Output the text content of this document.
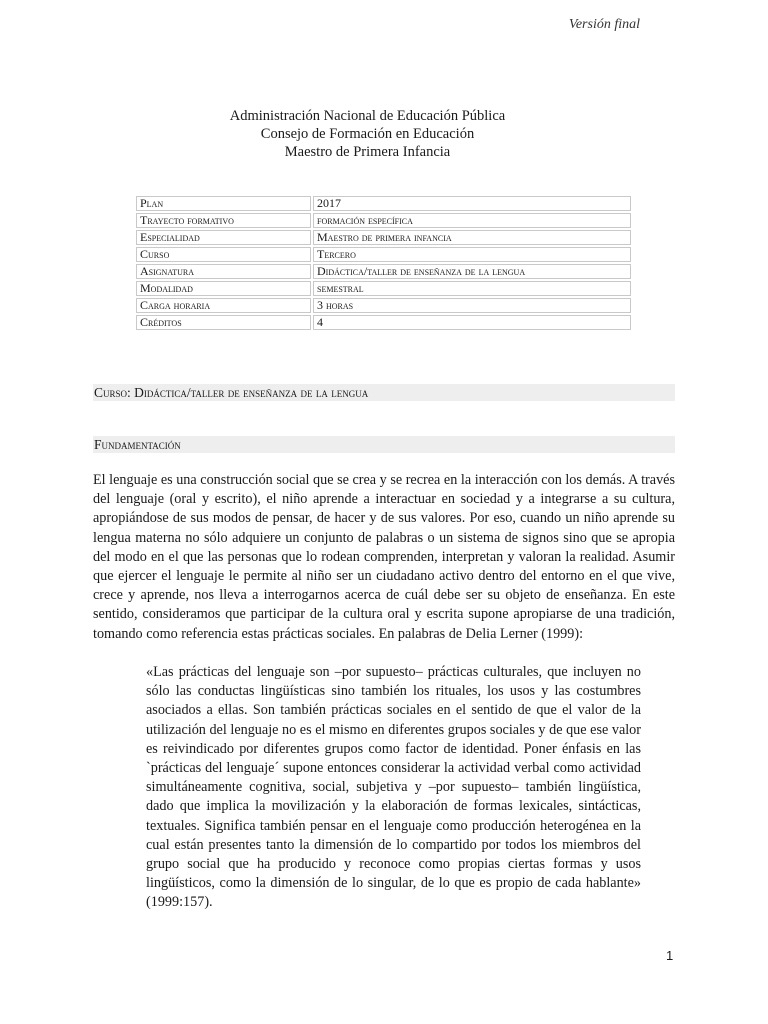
Versión final
Administración Nacional de Educación Pública
Consejo de Formación en Educación
Maestro de Primera Infancia
Plan	2017
Trayecto formativo	formación específica
Especialidad	Maestro de primera infancia
Curso	Tercero
Asignatura	Didáctica/taller de enseñanza de la lengua
Modalidad	semestral
Carga horaria	3 horas
Créditos	4
Curso: Didáctica/taller de enseñanza de la lengua
Fundamentación

El lenguaje es una construcción social que se crea y se recrea en la interacción con los demás. A través del lenguaje (oral y escrito), el niño aprende a interactuar en sociedad y a integrarse a su cultura, apropiándose de sus modos de pensar, de hacer y de sus valores. Por eso, cuando un niño aprende su lengua materna no sólo adquiere un conjunto de palabras o un sistema de signos sino que se apropia del modo en el que las personas que lo rodean comprenden, interpretan y valoran la realidad. Asumir que ejercer el lenguaje le permite al niño ser un ciudadano activo dentro del entorno en el que vive, crece y aprende, nos lleva a interrogarnos acerca de cuál debe ser su objeto de enseñanza. En este sentido, consideramos que participar de la cultura oral y escrita supone apropiarse de una tradición, tomando como referencia estas prácticas sociales. En palabras de Delia Lerner (1999):

«Las prácticas del lenguaje son –por supuesto– prácticas culturales, que incluyen no sólo las conductas lingüísticas sino también los rituales, los usos y las costumbres asociados a ellas. Son también prácticas sociales en el sentido de que el valor de la utilización del lenguaje no es el mismo en diferentes grupos sociales y de que ese valor es reivindicado por diferentes grupos como factor de identidad. Poner énfasis en las `prácticas del lenguaje´ supone entonces considerar la actividad verbal como actividad simultáneamente cognitiva, social, subjetiva y –por supuesto– también lingüística, dado que implica la movilización y la elaboración de formas lexicales, sintácticas, textuales. Significa también pensar en el lenguaje como producción heterogénea en la cual están presentes tanto la dimensión de lo compartido por todos los miembros del grupo social que ha producido y reconoce como propias ciertas formas y usos lingüísticos, como la dimensión de lo singular, de lo que es propio de cada hablante» (1999:157).

1
